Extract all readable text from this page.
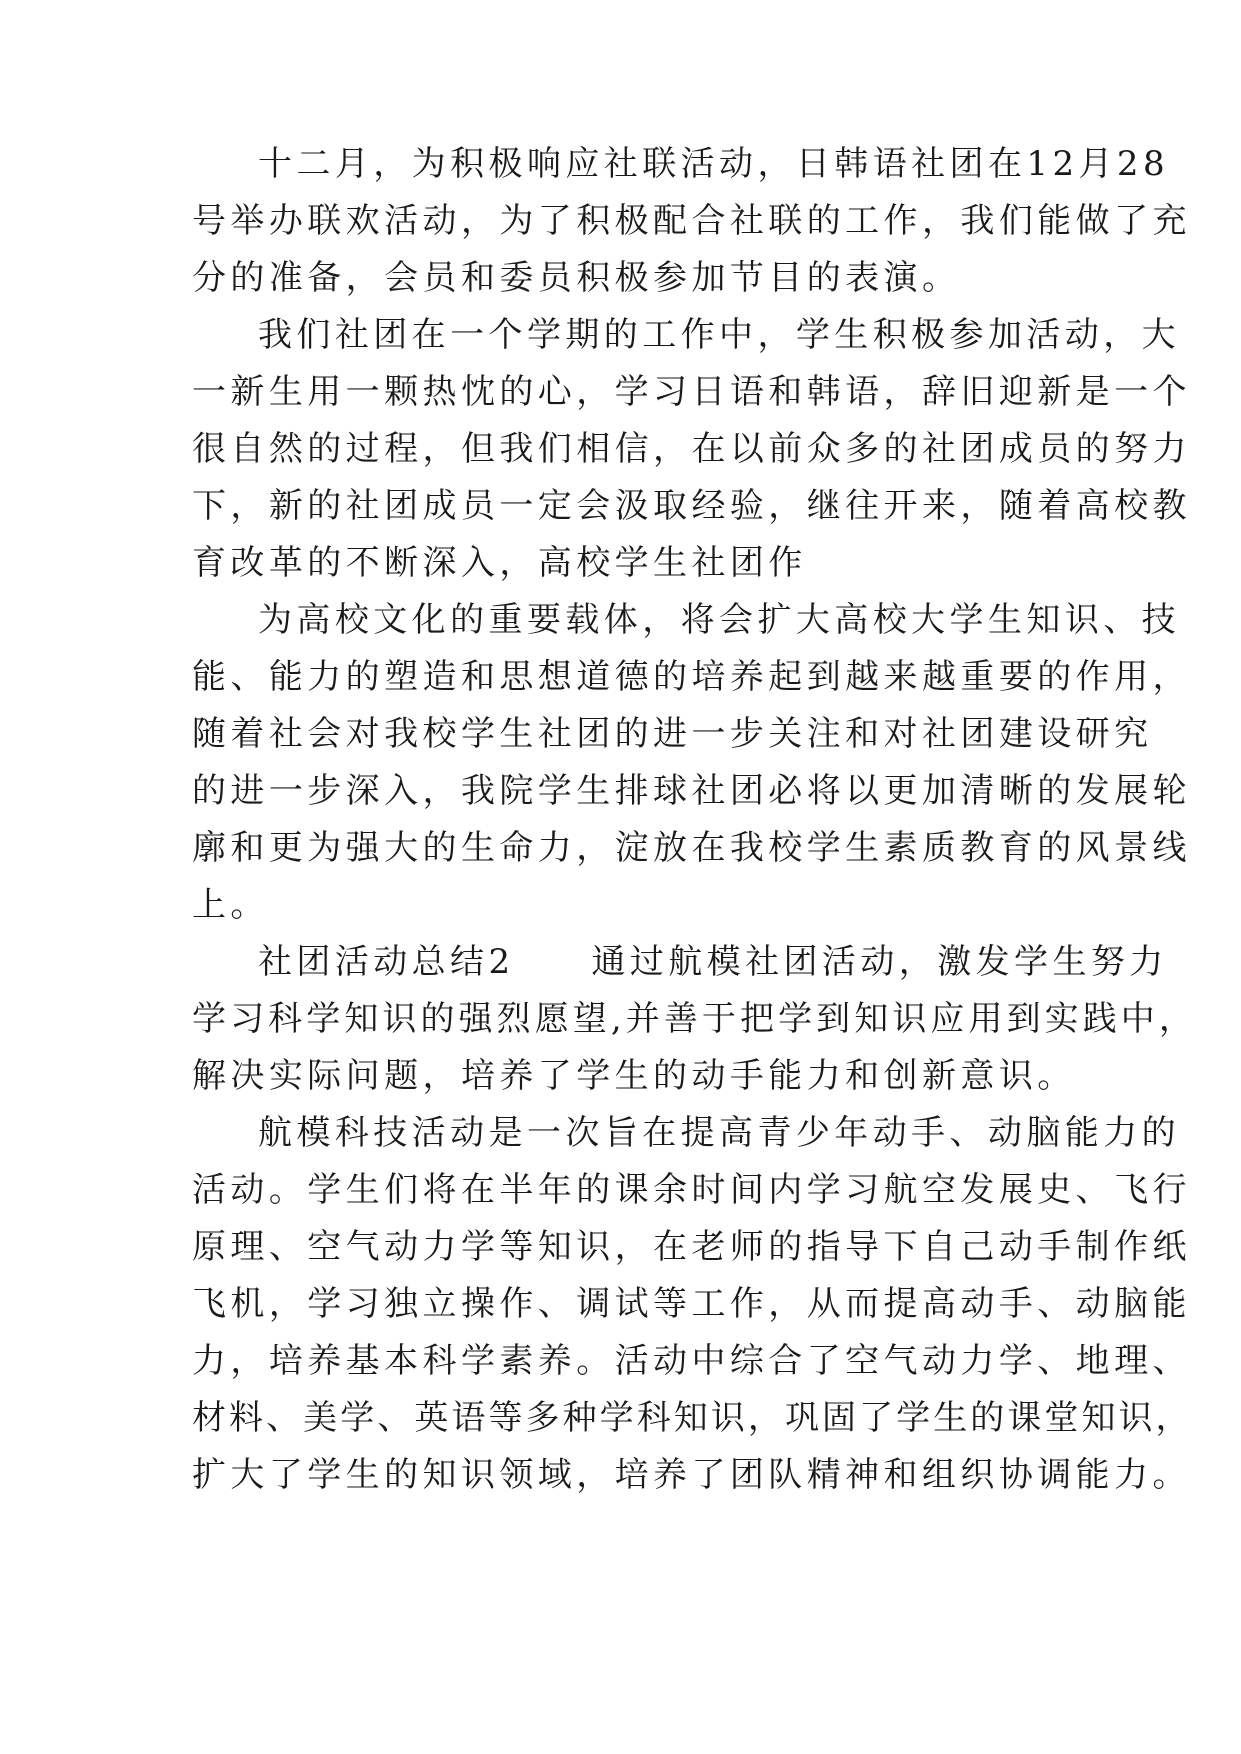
十二月，为积极响应社联活动，日韩语社团在12月28

号举办联欢活动，为了积极配合社联的工作，我们能做了充

分的准备，会员和委员积极参加节目的表演。

我们社团在一个学期的工作中，学生积极参加活动，大

一新生用一颗热忱的心，学习日语和韩语，辞旧迎新是一个

很自然的过程，但我们相信，在以前众多的社团成员的努力

下，新的社团成员一定会汲取经验，继往开来，随着高校教

育改革的不断深入，高校学生社团作

为高校文化的重要载体，将会扩大高校大学生知识、技

能、能力的塑造和思想道德的培养起到越来越重要的作用，

随着社会对我校学生社团的进一步关注和对社团建设研究

的进一步深入，我院学生排球社团必将以更加清晰的发展轮

廓和更为强大的生命力，淀放在我校学生素质教育的风景线

上。

社团活动总结2　　通过航模社团活动，激发学生努力

学习科学知识的强烈愿望,并善于把学到知识应用到实践中，

解决实际问题，培养了学生的动手能力和创新意识。

航模科技活动是一次旨在提高青少年动手、动脑能力的

活动。学生们将在半年的课余时间内学习航空发展史、飞行

原理、空气动力学等知识，在老师的指导下自己动手制作纸

飞机，学习独立操作、调试等工作，从而提高动手、动脑能

力，培养基本科学素养。活动中综合了空气动力学、地理、

材料、美学、英语等多种学科知识，巩固了学生的课堂知识，

扩大了学生的知识领域，培养了团队精神和组织协调能力。
